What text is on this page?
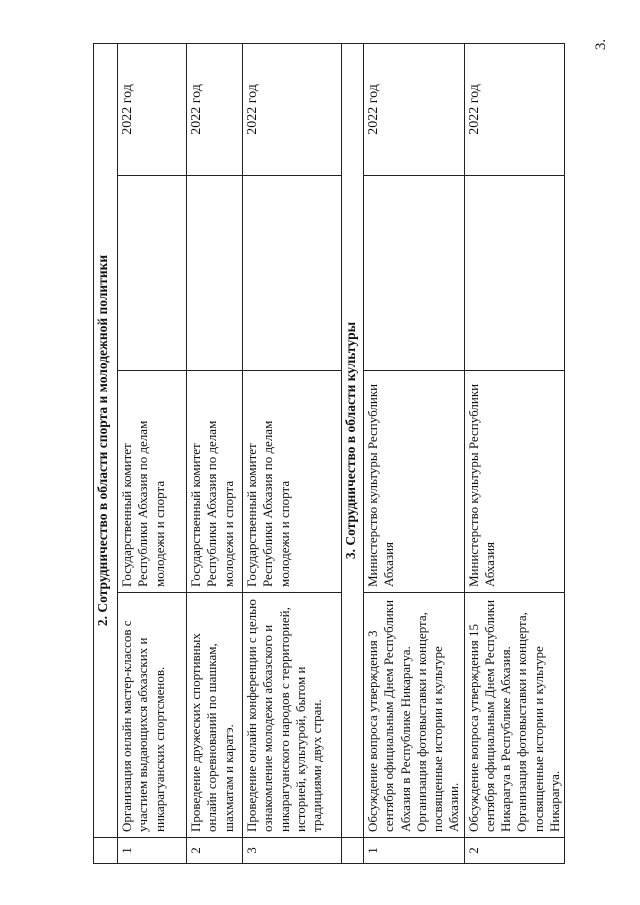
3.
	2. Сотрудничество в области спорта и молодежной политики			
1	Организация онлайн мастер-классов с участием выдающихся абхазских и никарагуанских спортсменов.	Государственный комитет Республики Абхазия по делам молодежи и спорта		2022 год
2	Проведение дружеских спортивных онлайн соревнований по шашкам, шахматам и каратэ.	Государственный комитет Республики Абхазия по делам молодежи и спорта		2022 год
3	Проведение онлайн конференции с целью ознакомление молодежи абхазского и никарагуанского народов с территорией, историей, культурой, бытом и традициями двух стран.	Государственный комитет Республики Абхазия по делам молодежи и спорта		2022 год
	3. Сотрудничество в области культуры			
1	Обсуждение вопроса утверждения 3 сентября официальным Днем Республики Абхазия в Республике Никарагуа. Организация фотовыставки и концерта, посвященные истории и культуре Абхазии.	Министерство культуры Республики Абхазия		2022 год
2	Обсуждение вопроса утверждения 15 сентября официальным Днем Республики Никарагуа в Республике Абхазия. Организация фотовыставки и концерта, посвященные истории и культуре Никарагуа.	Министерство культуры Республики Абхазия		2022 год
